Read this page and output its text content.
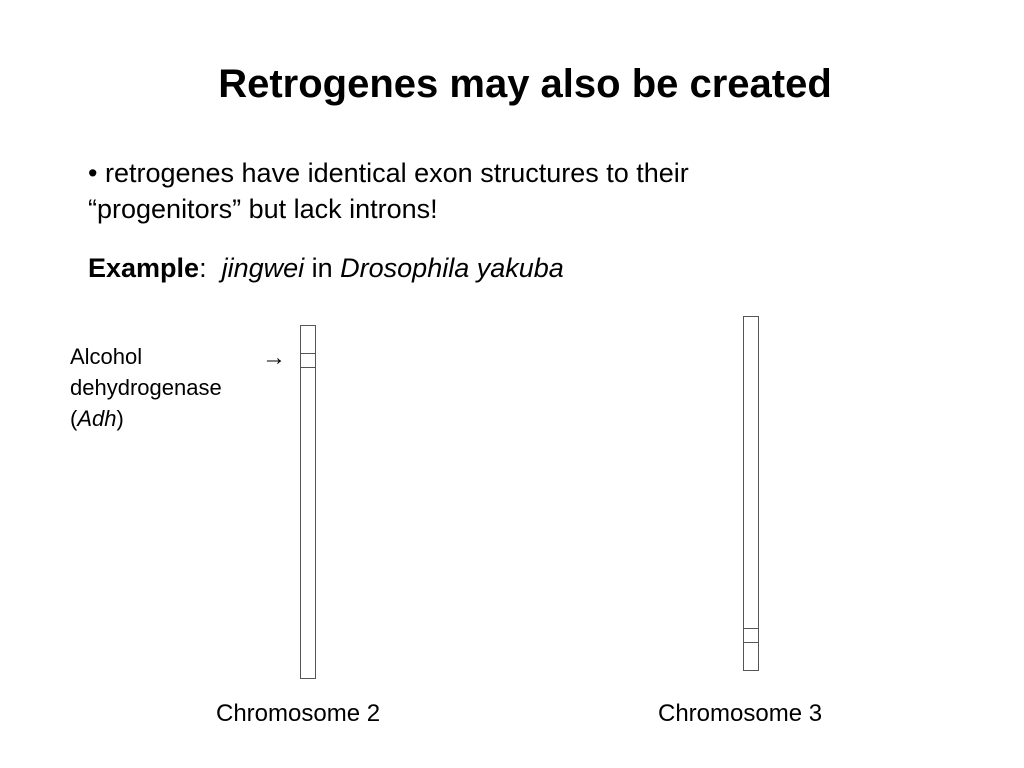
Retrogenes may also be created
• retrogenes have identical exon structures to their “progenitors” but lack introns!
Example:  jingwei in Drosophila yakuba
Alcohol
dehydrogenase
(Adh)
→
Chromosome 2	Chromosome 3
